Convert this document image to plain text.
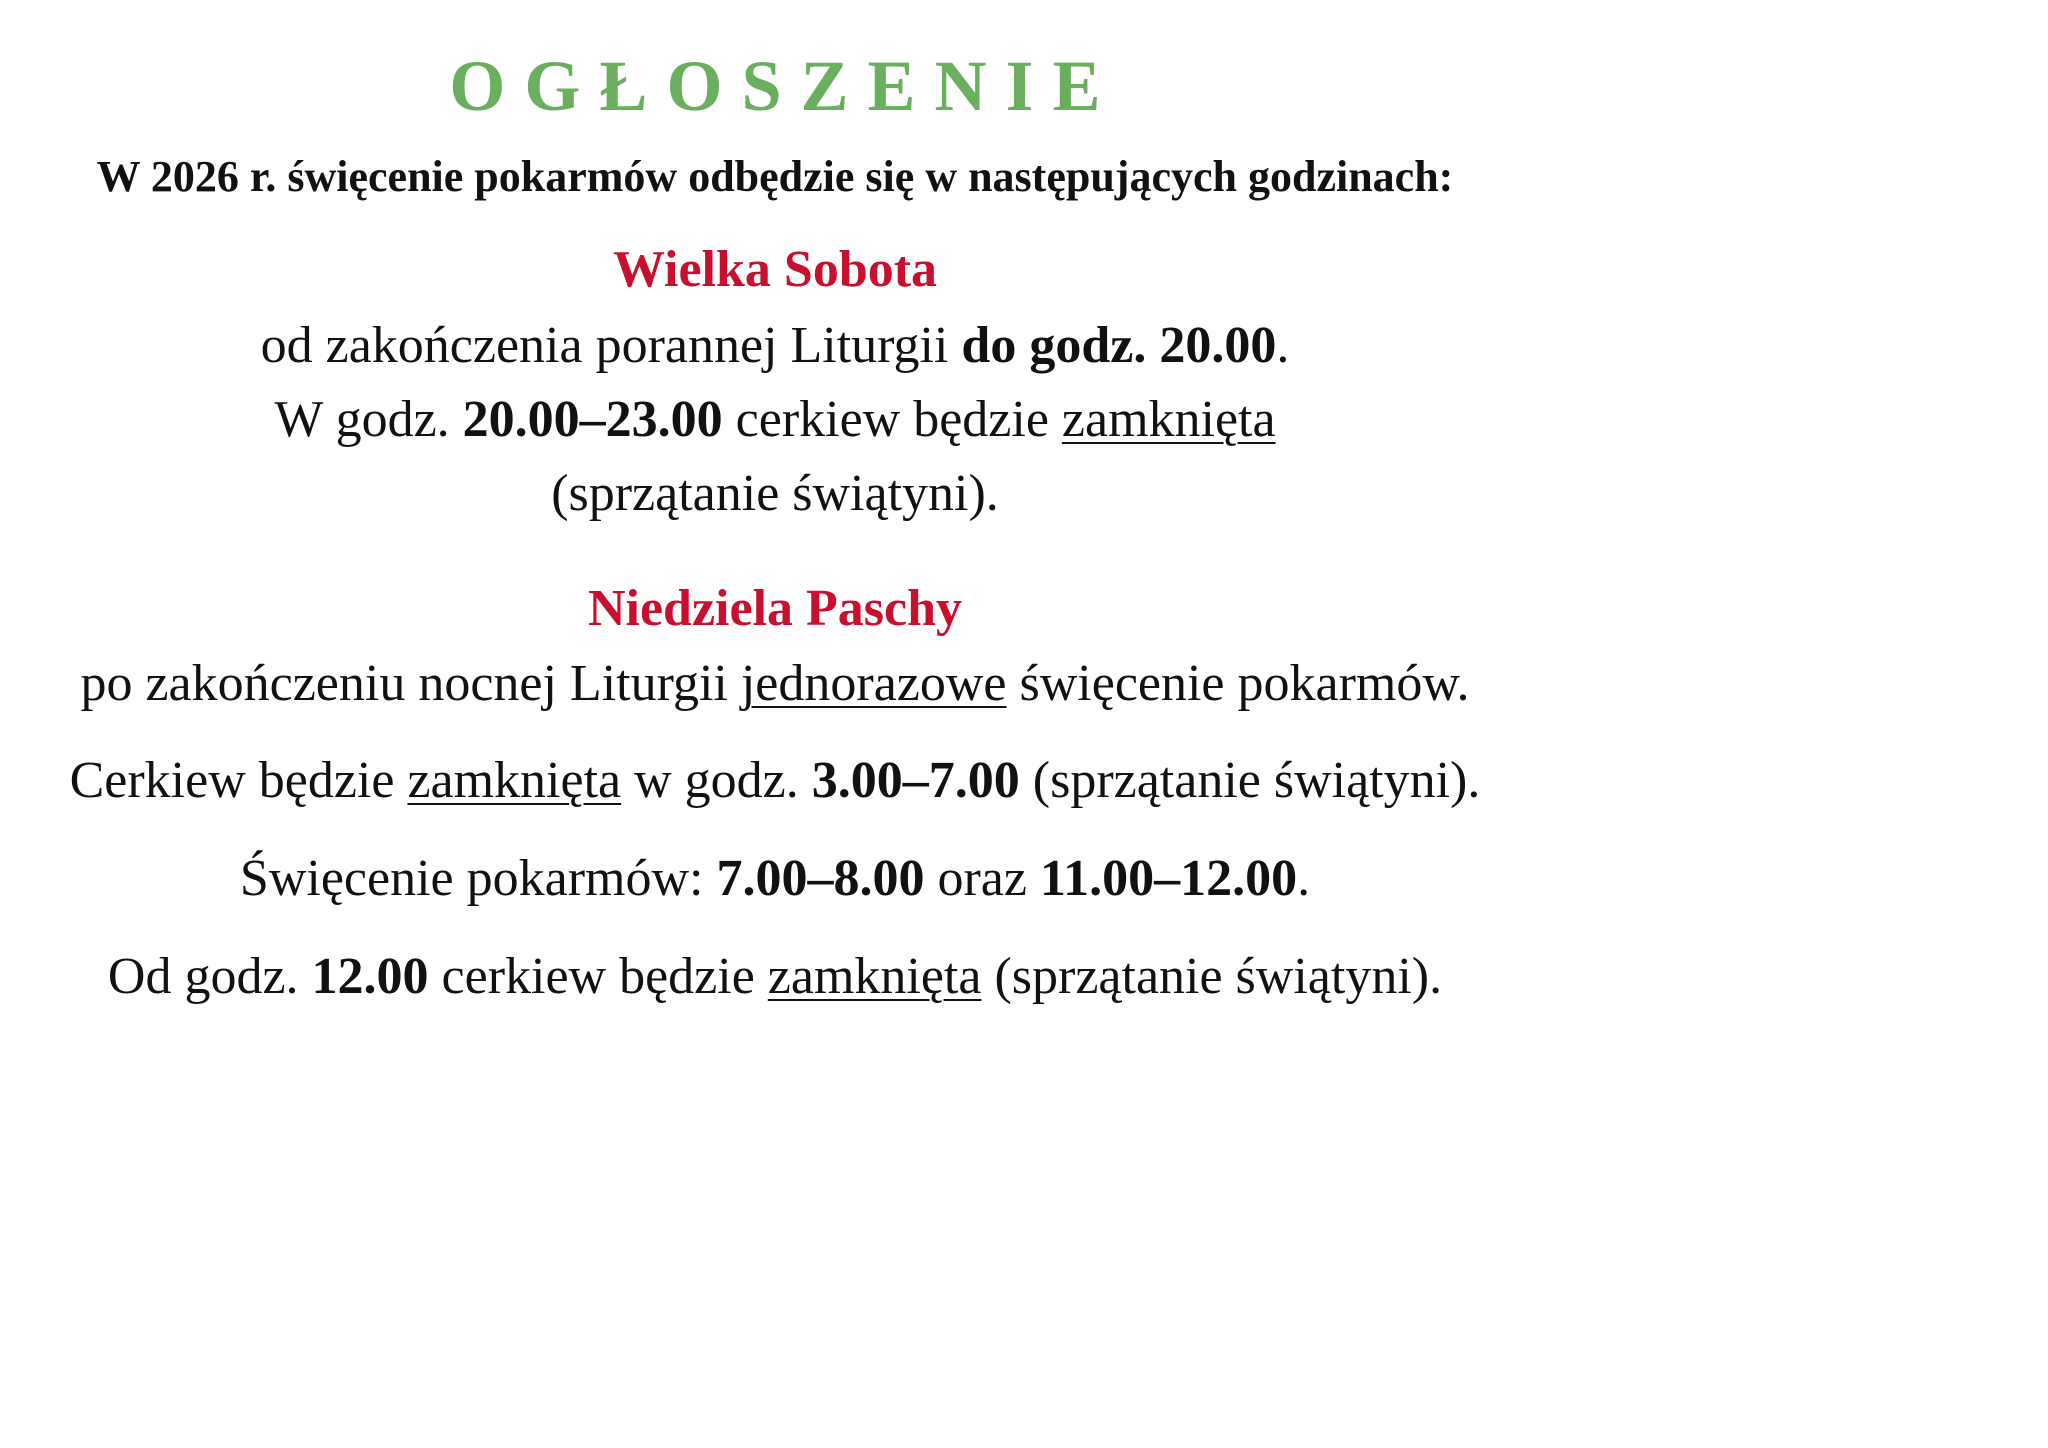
OGŁOSZENIE
W 2026 r. święcenie pokarmów odbędzie się w następujących godzinach:
Wielka Sobota
od zakończenia porannej Liturgii do godz. 20.00.
W godz. 20.00–23.00 cerkiew będzie zamknięta
(sprzątanie świątyni).
Niedziela Paschy
po zakończeniu nocnej Liturgii jednorazowe święcenie pokarmów.
Cerkiew będzie zamknięta w godz. 3.00–7.00 (sprzątanie świątyni).
Święcenie pokarmów: 7.00–8.00 oraz 11.00–12.00.
Od godz. 12.00 cerkiew będzie zamknięta (sprzątanie świątyni).
